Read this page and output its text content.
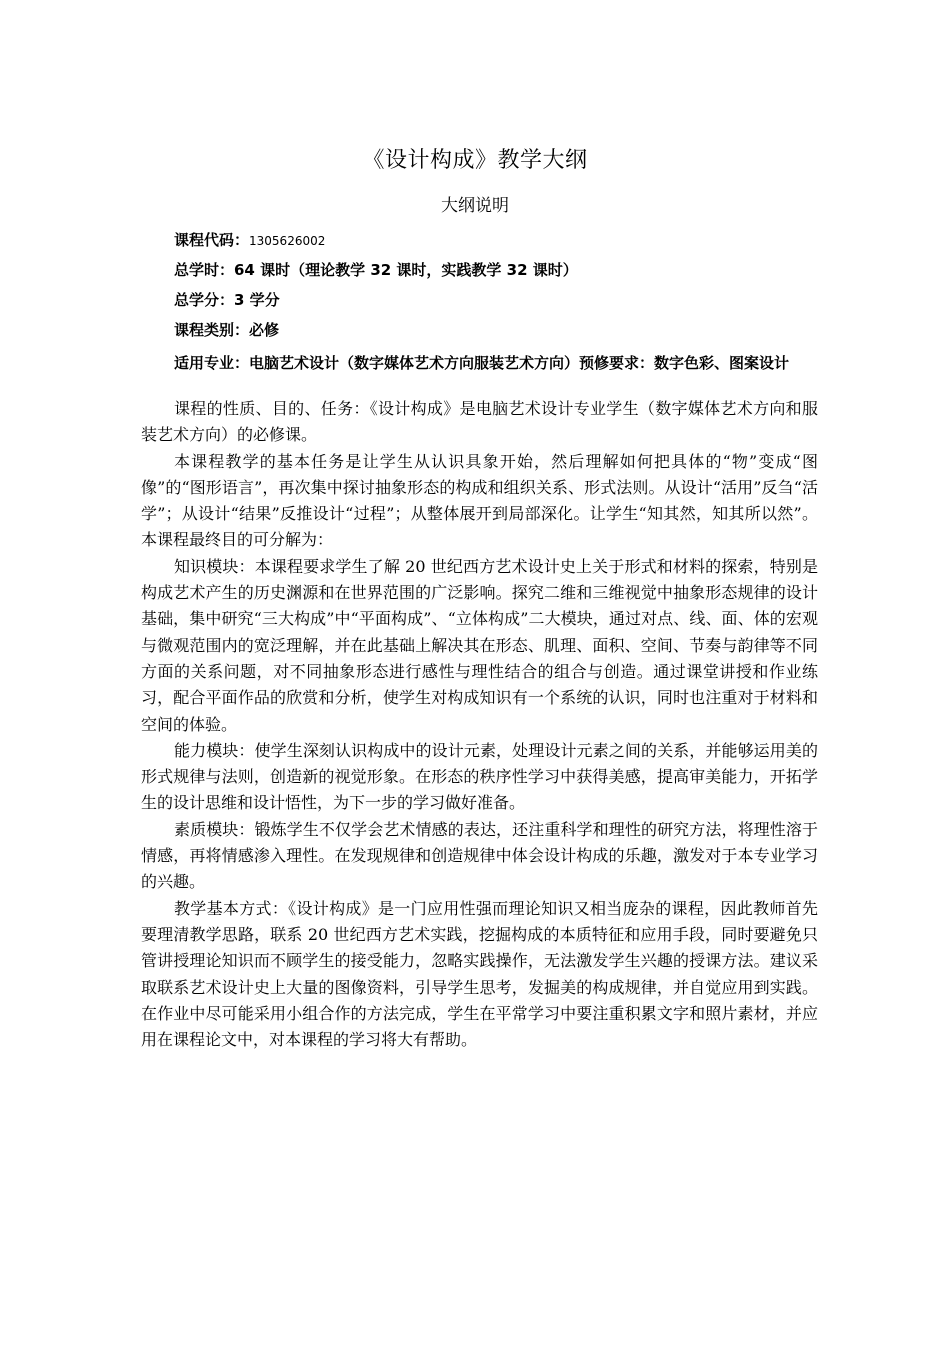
《设计构成》教学大纲
大纲说明
课程代码：1305626002
总学时：64 课时（理论教学 32 课时，实践教学 32 课时）
总学分：3 学分
课程类别：必修
适用专业：电脑艺术设计（数字媒体艺术方向服装艺术方向）预修要求：数字色彩、图案设计

课程的性质、目的、任务：《设计构成》是电脑艺术设计专业学生（数字媒体艺术方向和服装艺术方向）的必修课。

本课程教学的基本任务是让学生从认识具象开始，然后理解如何把具体的“物”变成“图像”的“图形语言”，再次集中探讨抽象形态的构成和组织关系、形式法则。从设计“活用”反刍“活学”；从设计“结果”反推设计“过程”；从整体展开到局部深化。让学生“知其然，知其所以然”。本课程最终目的可分解为：

知识模块：本课程要求学生了解 20 世纪西方艺术设计史上关于形式和材料的探索，特别是构成艺术产生的历史渊源和在世界范围的广泛影响。探究二维和三维视觉中抽象形态规律的设计基础，集中研究“三大构成”中“平面构成”、“立体构成”二大模块，通过对点、线、面、体的宏观与微观范围内的宽泛理解，并在此基础上解决其在形态、肌理、面积、空间、节奏与韵律等不同方面的关系问题，对不同抽象形态进行感性与理性结合的组合与创造。通过课堂讲授和作业练习，配合平面作品的欣赏和分析，使学生对构成知识有一个系统的认识，同时也注重对于材料和空间的体验。

能力模块：使学生深刻认识构成中的设计元素，处理设计元素之间的关系，并能够运用美的形式规律与法则，创造新的视觉形象。在形态的秩序性学习中获得美感，提高审美能力，开拓学生的设计思维和设计悟性，为下一步的学习做好准备。

素质模块：锻炼学生不仅学会艺术情感的表达，还注重科学和理性的研究方法，将理性溶于情感，再将情感渗入理性。在发现规律和创造规律中体会设计构成的乐趣，激发对于本专业学习的兴趣。

教学基本方式：《设计构成》是一门应用性强而理论知识又相当庞杂的课程，因此教师首先要理清教学思路，联系 20 世纪西方艺术实践，挖掘构成的本质特征和应用手段，同时要避免只管讲授理论知识而不顾学生的接受能力，忽略实践操作，无法激发学生兴趣的授课方法。建议采取联系艺术设计史上大量的图像资料，引导学生思考，发掘美的构成规律，并自觉应用到实践。在作业中尽可能采用小组合作的方法完成，学生在平常学习中要注重积累文字和照片素材，并应用在课程论文中，对本课程的学习将大有帮助。
